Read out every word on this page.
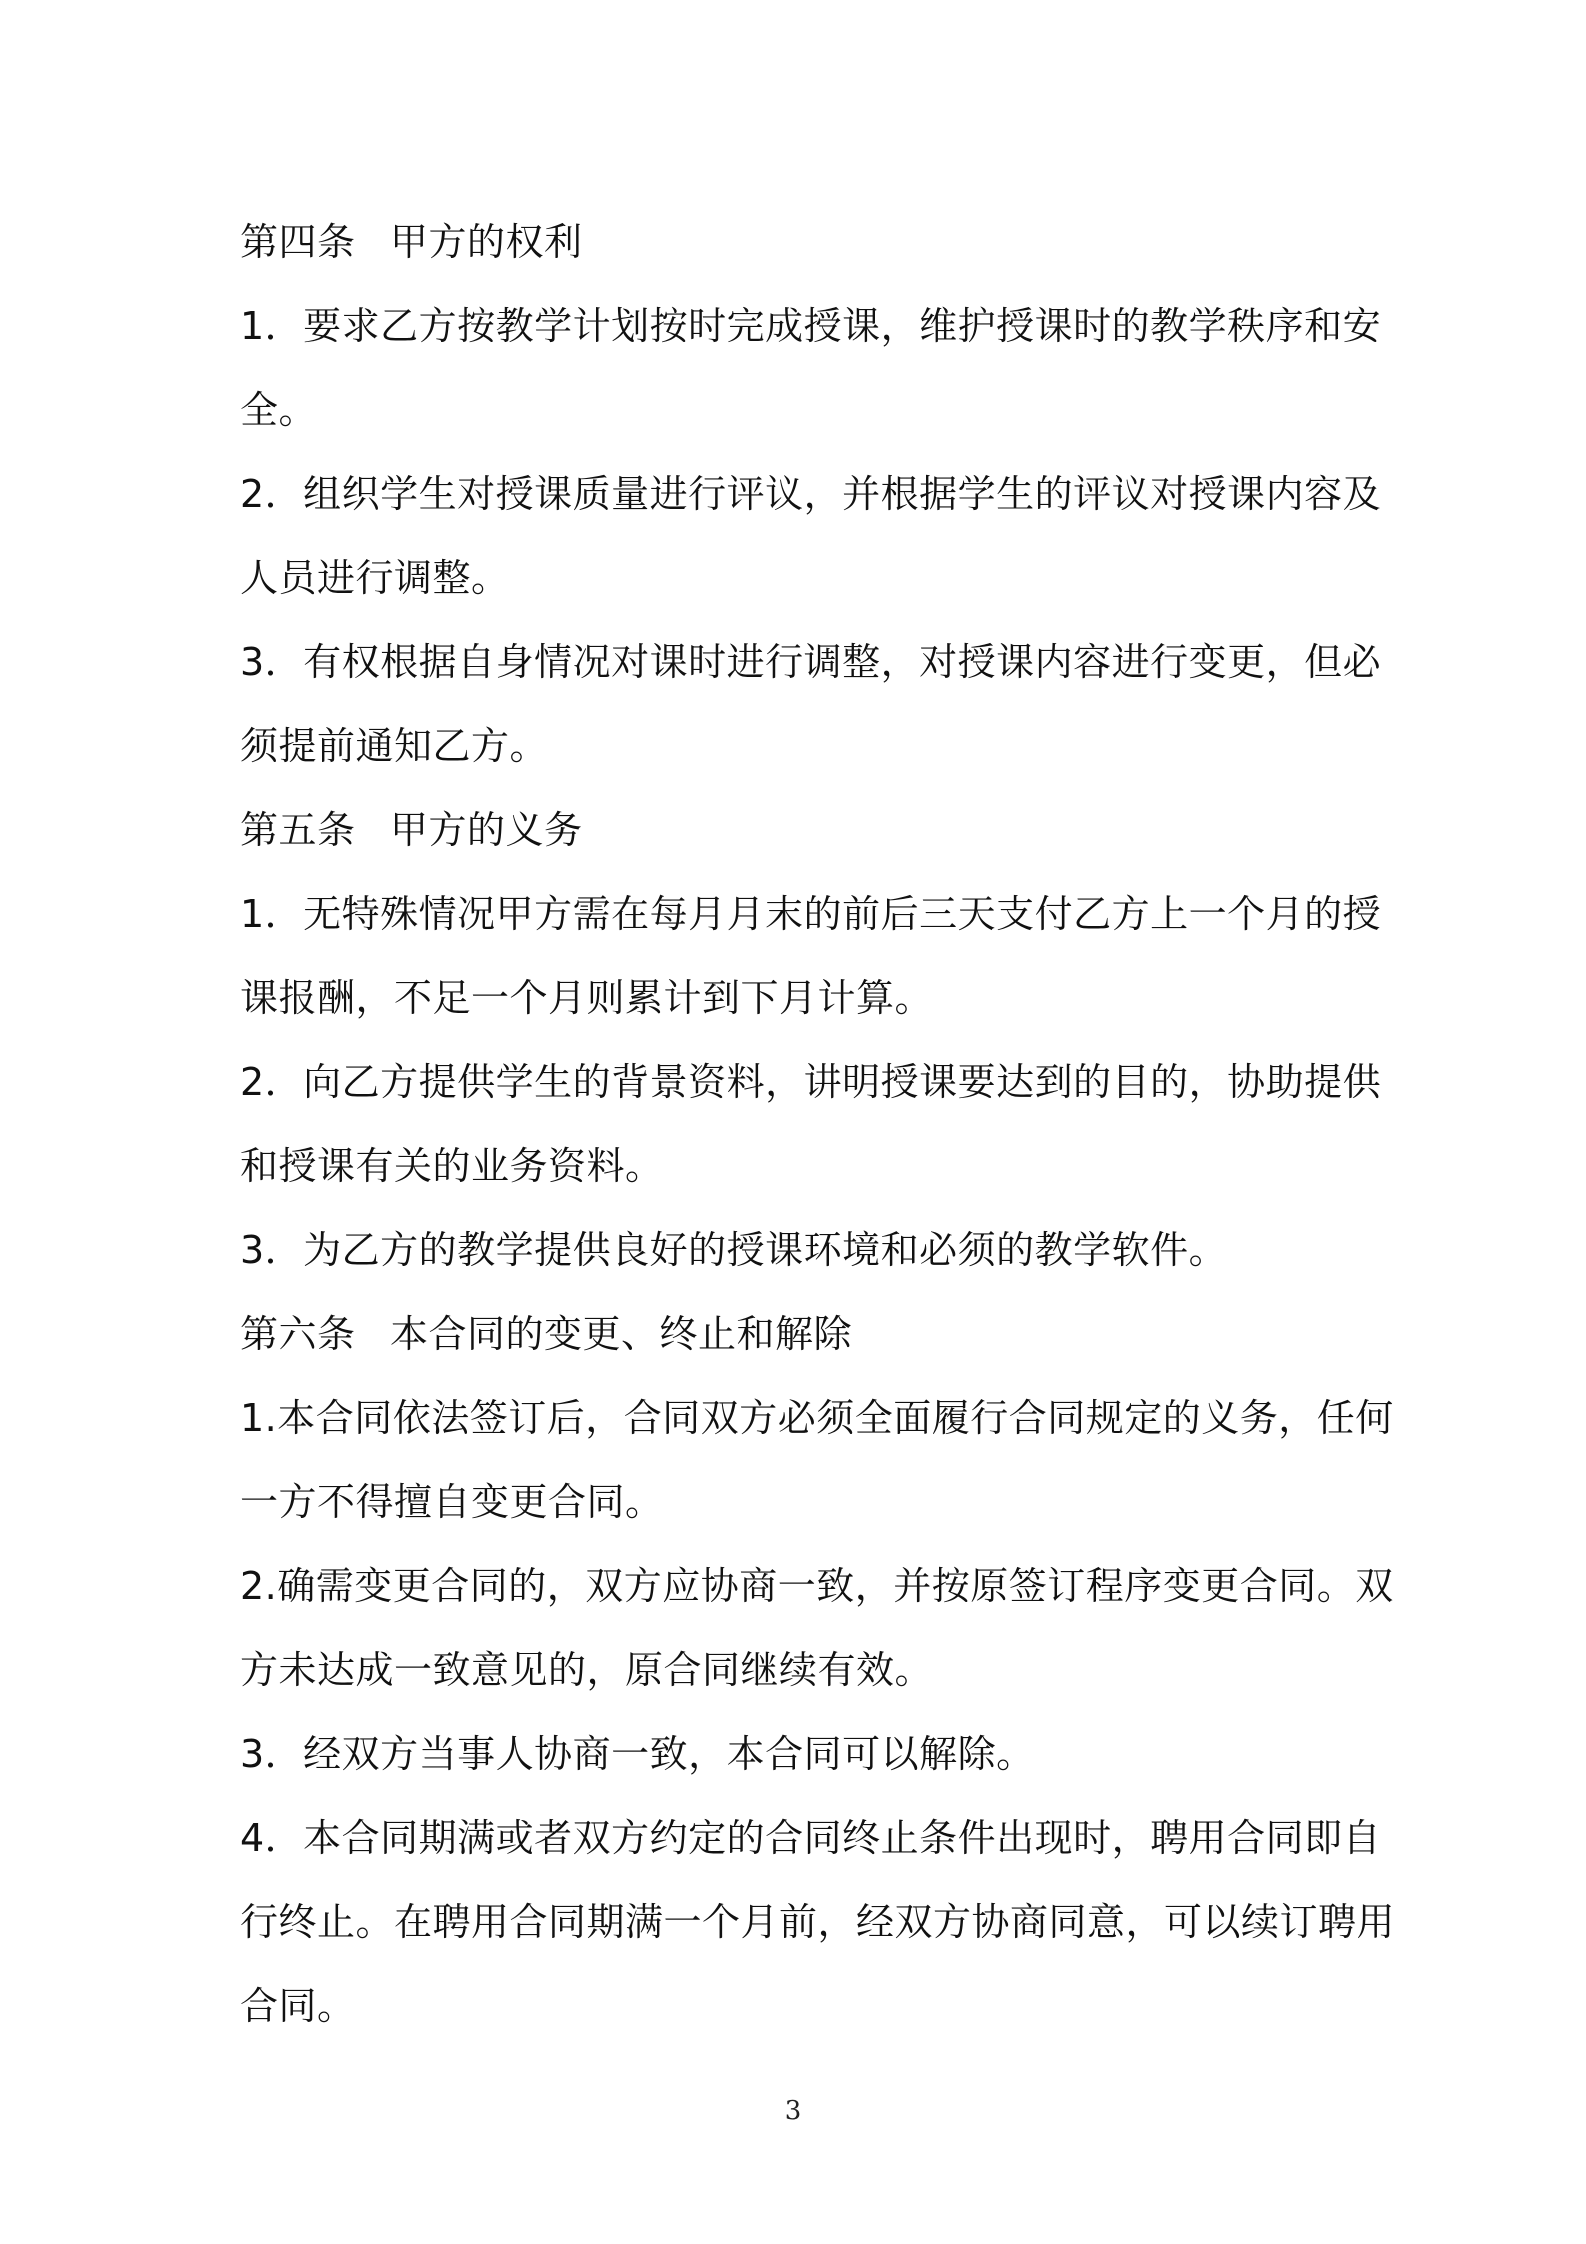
第四条 甲方的权利

1．要求乙方按教学计划按时完成授课，维护授课时的教学秩序和安

全。

2．组织学生对授课质量进行评议，并根据学生的评议对授课内容及

人员进行调整。

3．有权根据自身情况对课时进行调整，对授课内容进行变更，但必

须提前通知乙方。

第五条 甲方的义务

1．无特殊情况甲方需在每月月末的前后三天支付乙方上一个月的授

课报酬，不足一个月则累计到下月计算。

2．向乙方提供学生的背景资料，讲明授课要达到的目的，协助提供

和授课有关的业务资料。

3．为乙方的教学提供良好的授课环境和必须的教学软件。

第六条 本合同的变更、终止和解除

1.本合同依法签订后，合同双方必须全面履行合同规定的义务，任何

一方不得擅自变更合同。

2.确需变更合同的，双方应协商一致，并按原签订程序变更合同。双

方未达成一致意见的，原合同继续有效。

3．经双方当事人协商一致，本合同可以解除。

4．本合同期满或者双方约定的合同终止条件出现时，聘用合同即自

行终止。在聘用合同期满一个月前，经双方协商同意，可以续订聘用

合同。

3
